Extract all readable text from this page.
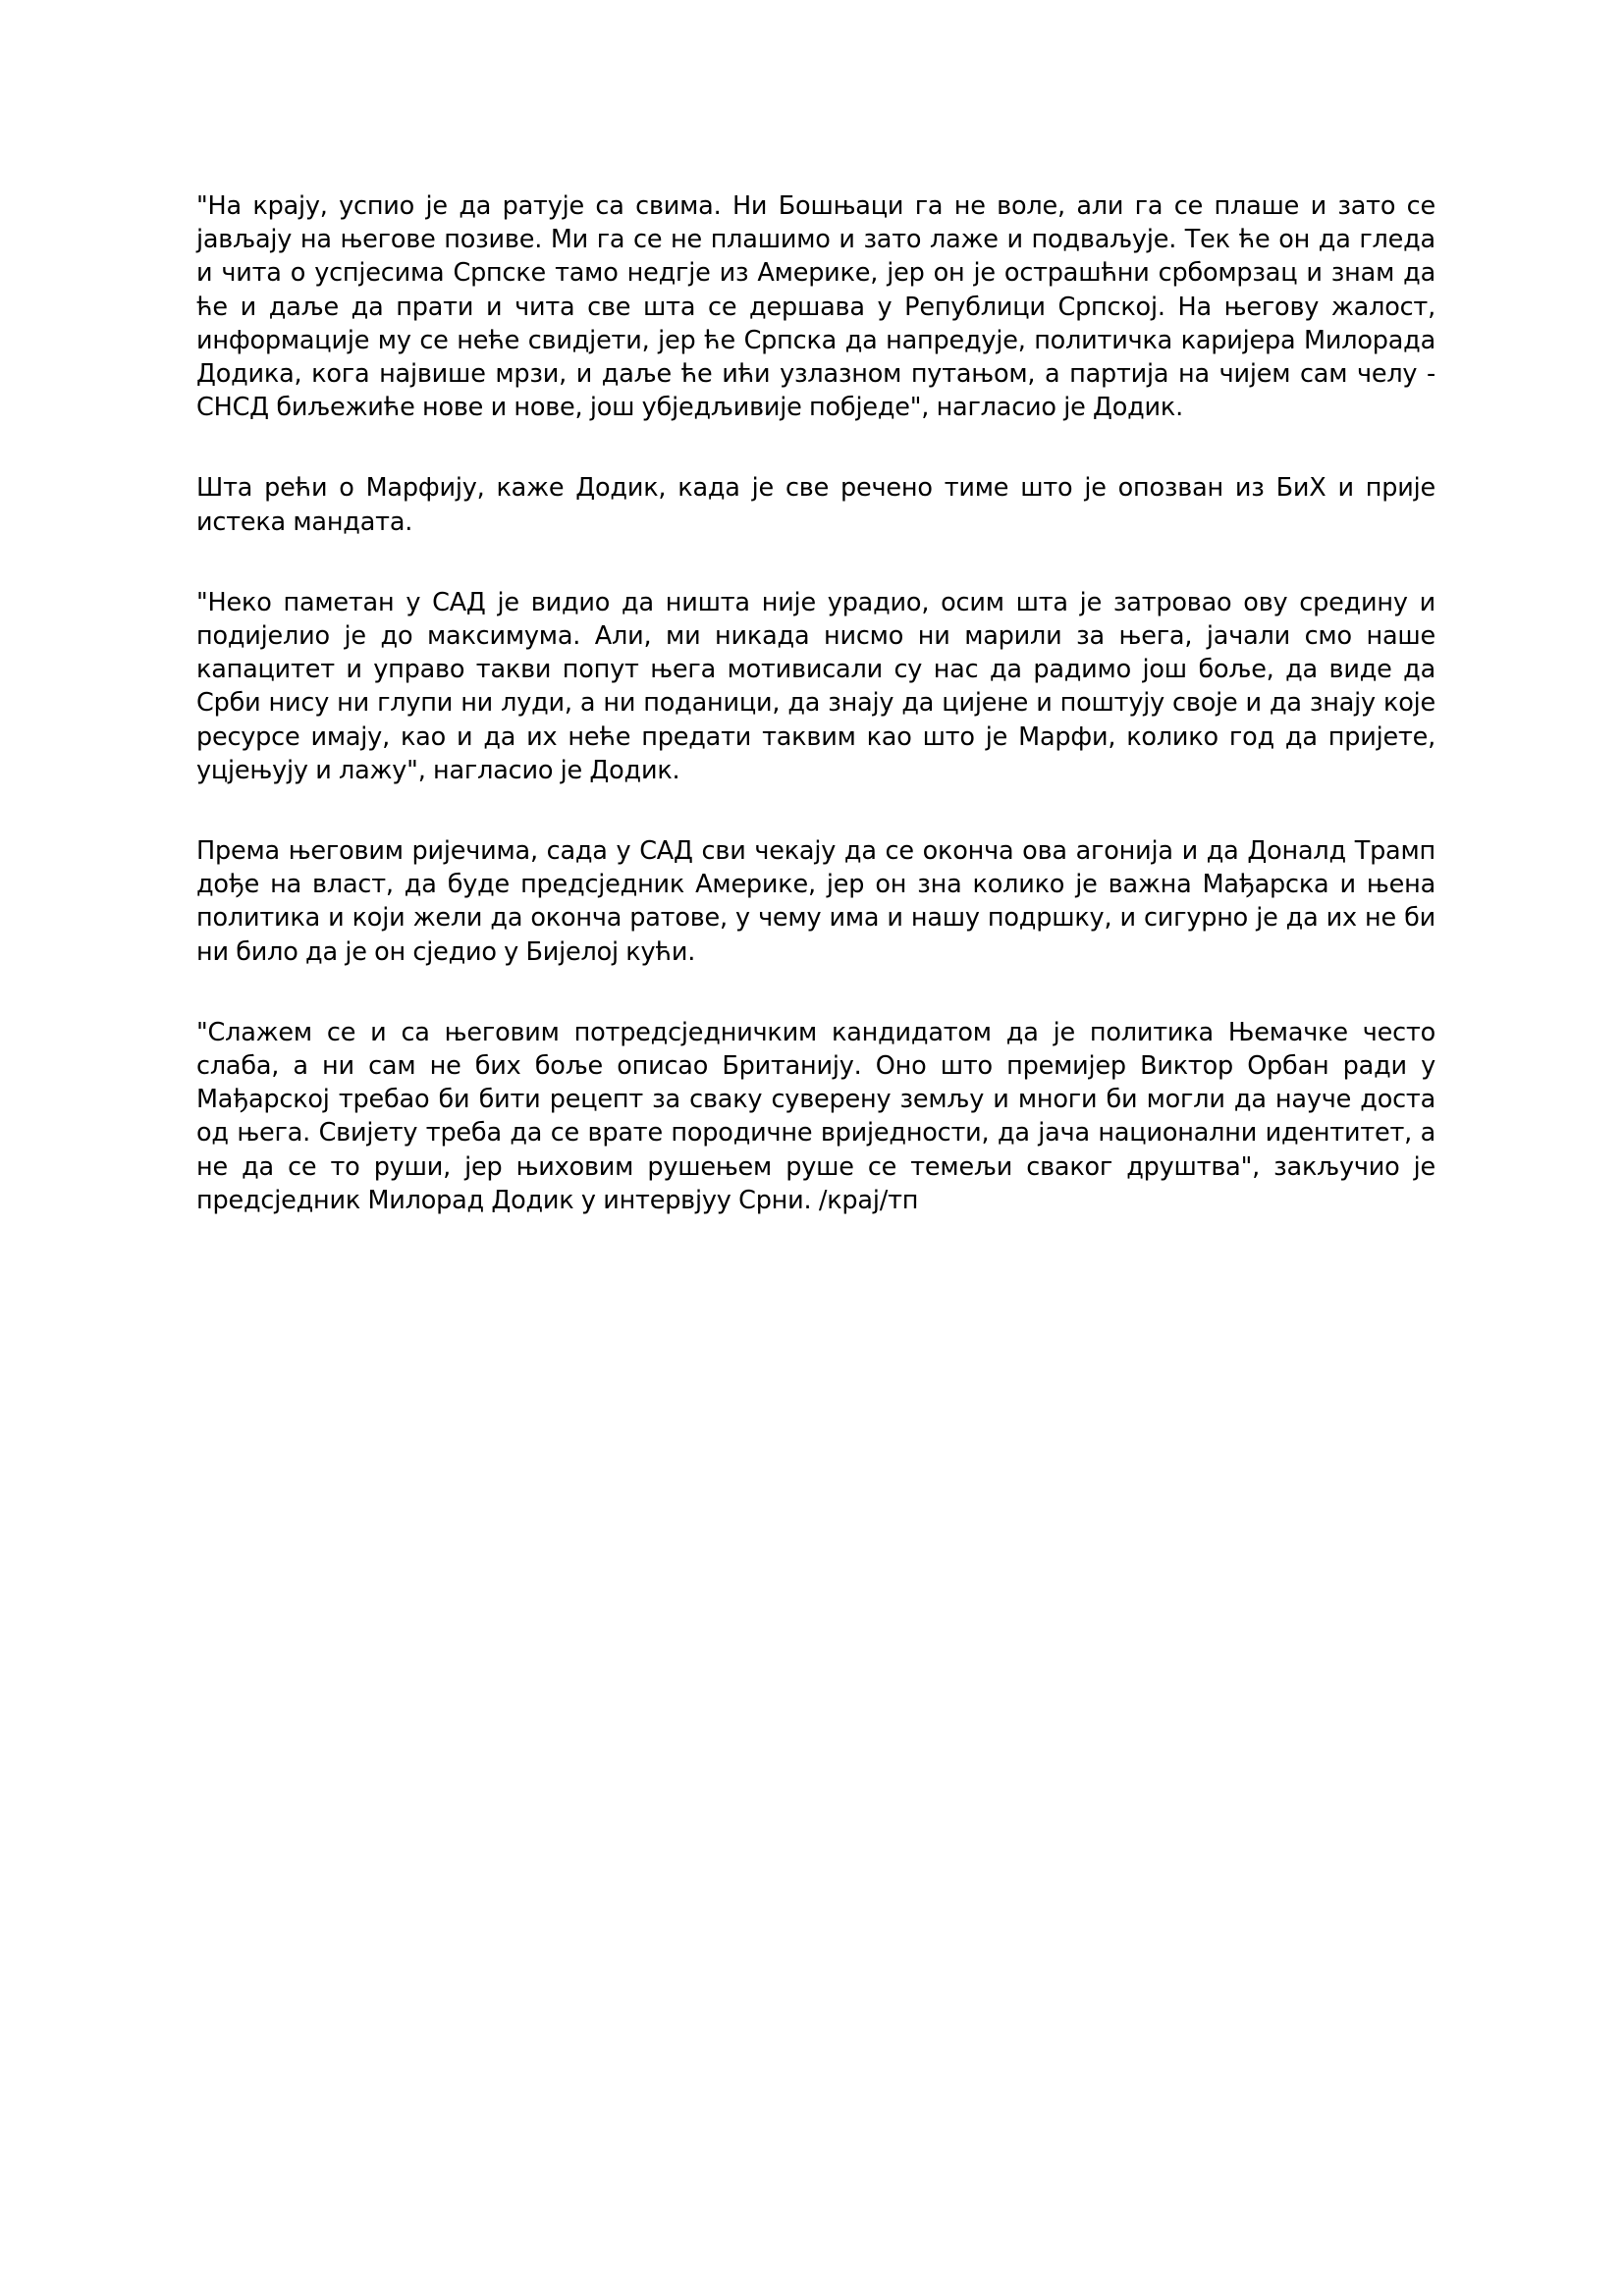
"На крају, успио је да ратује са свима. Ни Бошњаци га не воле, али га се плаше и зато се јављају на његове позиве. Ми га се не плашимо и зато лаже и подваљује. Тек ће он да гледа и чита о успјесима Српске тамо недгје из Америке, јер он је острашћни србомрзац и знам да ће и даље да прати и чита све шта се дершава у Републици Српској. На његову жалост, информације му се неће свидјети, јер ће Српска да напредује, политичка каријера Милорада Додика, кога највише мрзи, и даље ће ићи узлазном путањом, а партија на чијем сам челу - СНСД биљежиће нове и нове, још убједљивије побједе", нагласио је Додик.

Шта рећи о Марфију, каже Додик, када је све речено тиме што је опозван из БиХ и прије истека мандата.

"Неко паметан у САД је видио да ништа није урадио, осим шта је затровао ову средину и подијелио је до максимума. Али, ми никада нисмо ни марили за њега, јачали смо наше капацитет и управо такви попут њега мотивисали су нас да радимо још боље, да виде да Срби нису ни глупи ни луди, а ни поданици, да знају да цијене и поштују своје и да знају које ресурсе имају, као и да их неће предати таквим као што је Марфи, колико год да пријете, уцјењују и лажу", нагласио је Додик.

Према његовим ријечима, сада у САД сви чекају да се оконча ова агонија и да Доналд Трамп дође на власт, да буде предсједник Америке, јер он зна колико је важна Мађарска и њена политика и који жели да оконча ратове, у чему има и нашу подршку, и сигурно је да их не би ни било да је он сједио у Бијелој кући.

"Слажем се и са његовим потредсједничким кандидатом да је политика Њемачке често слаба, а ни сам не бих боље описао Британију. Оно што премијер Виктор Орбан ради у Мађарској требао би бити рецепт за сваку суверену земљу и многи би могли да науче доста од њега. Свијету треба да се врате породичне вриједности, да јача национални идентитет, а не да се то руши, јер њиховим рушењем руше се темељи сваког друштва", закључио је предсједник Милорад Додик у интервјуу Срни. /крај/тп
